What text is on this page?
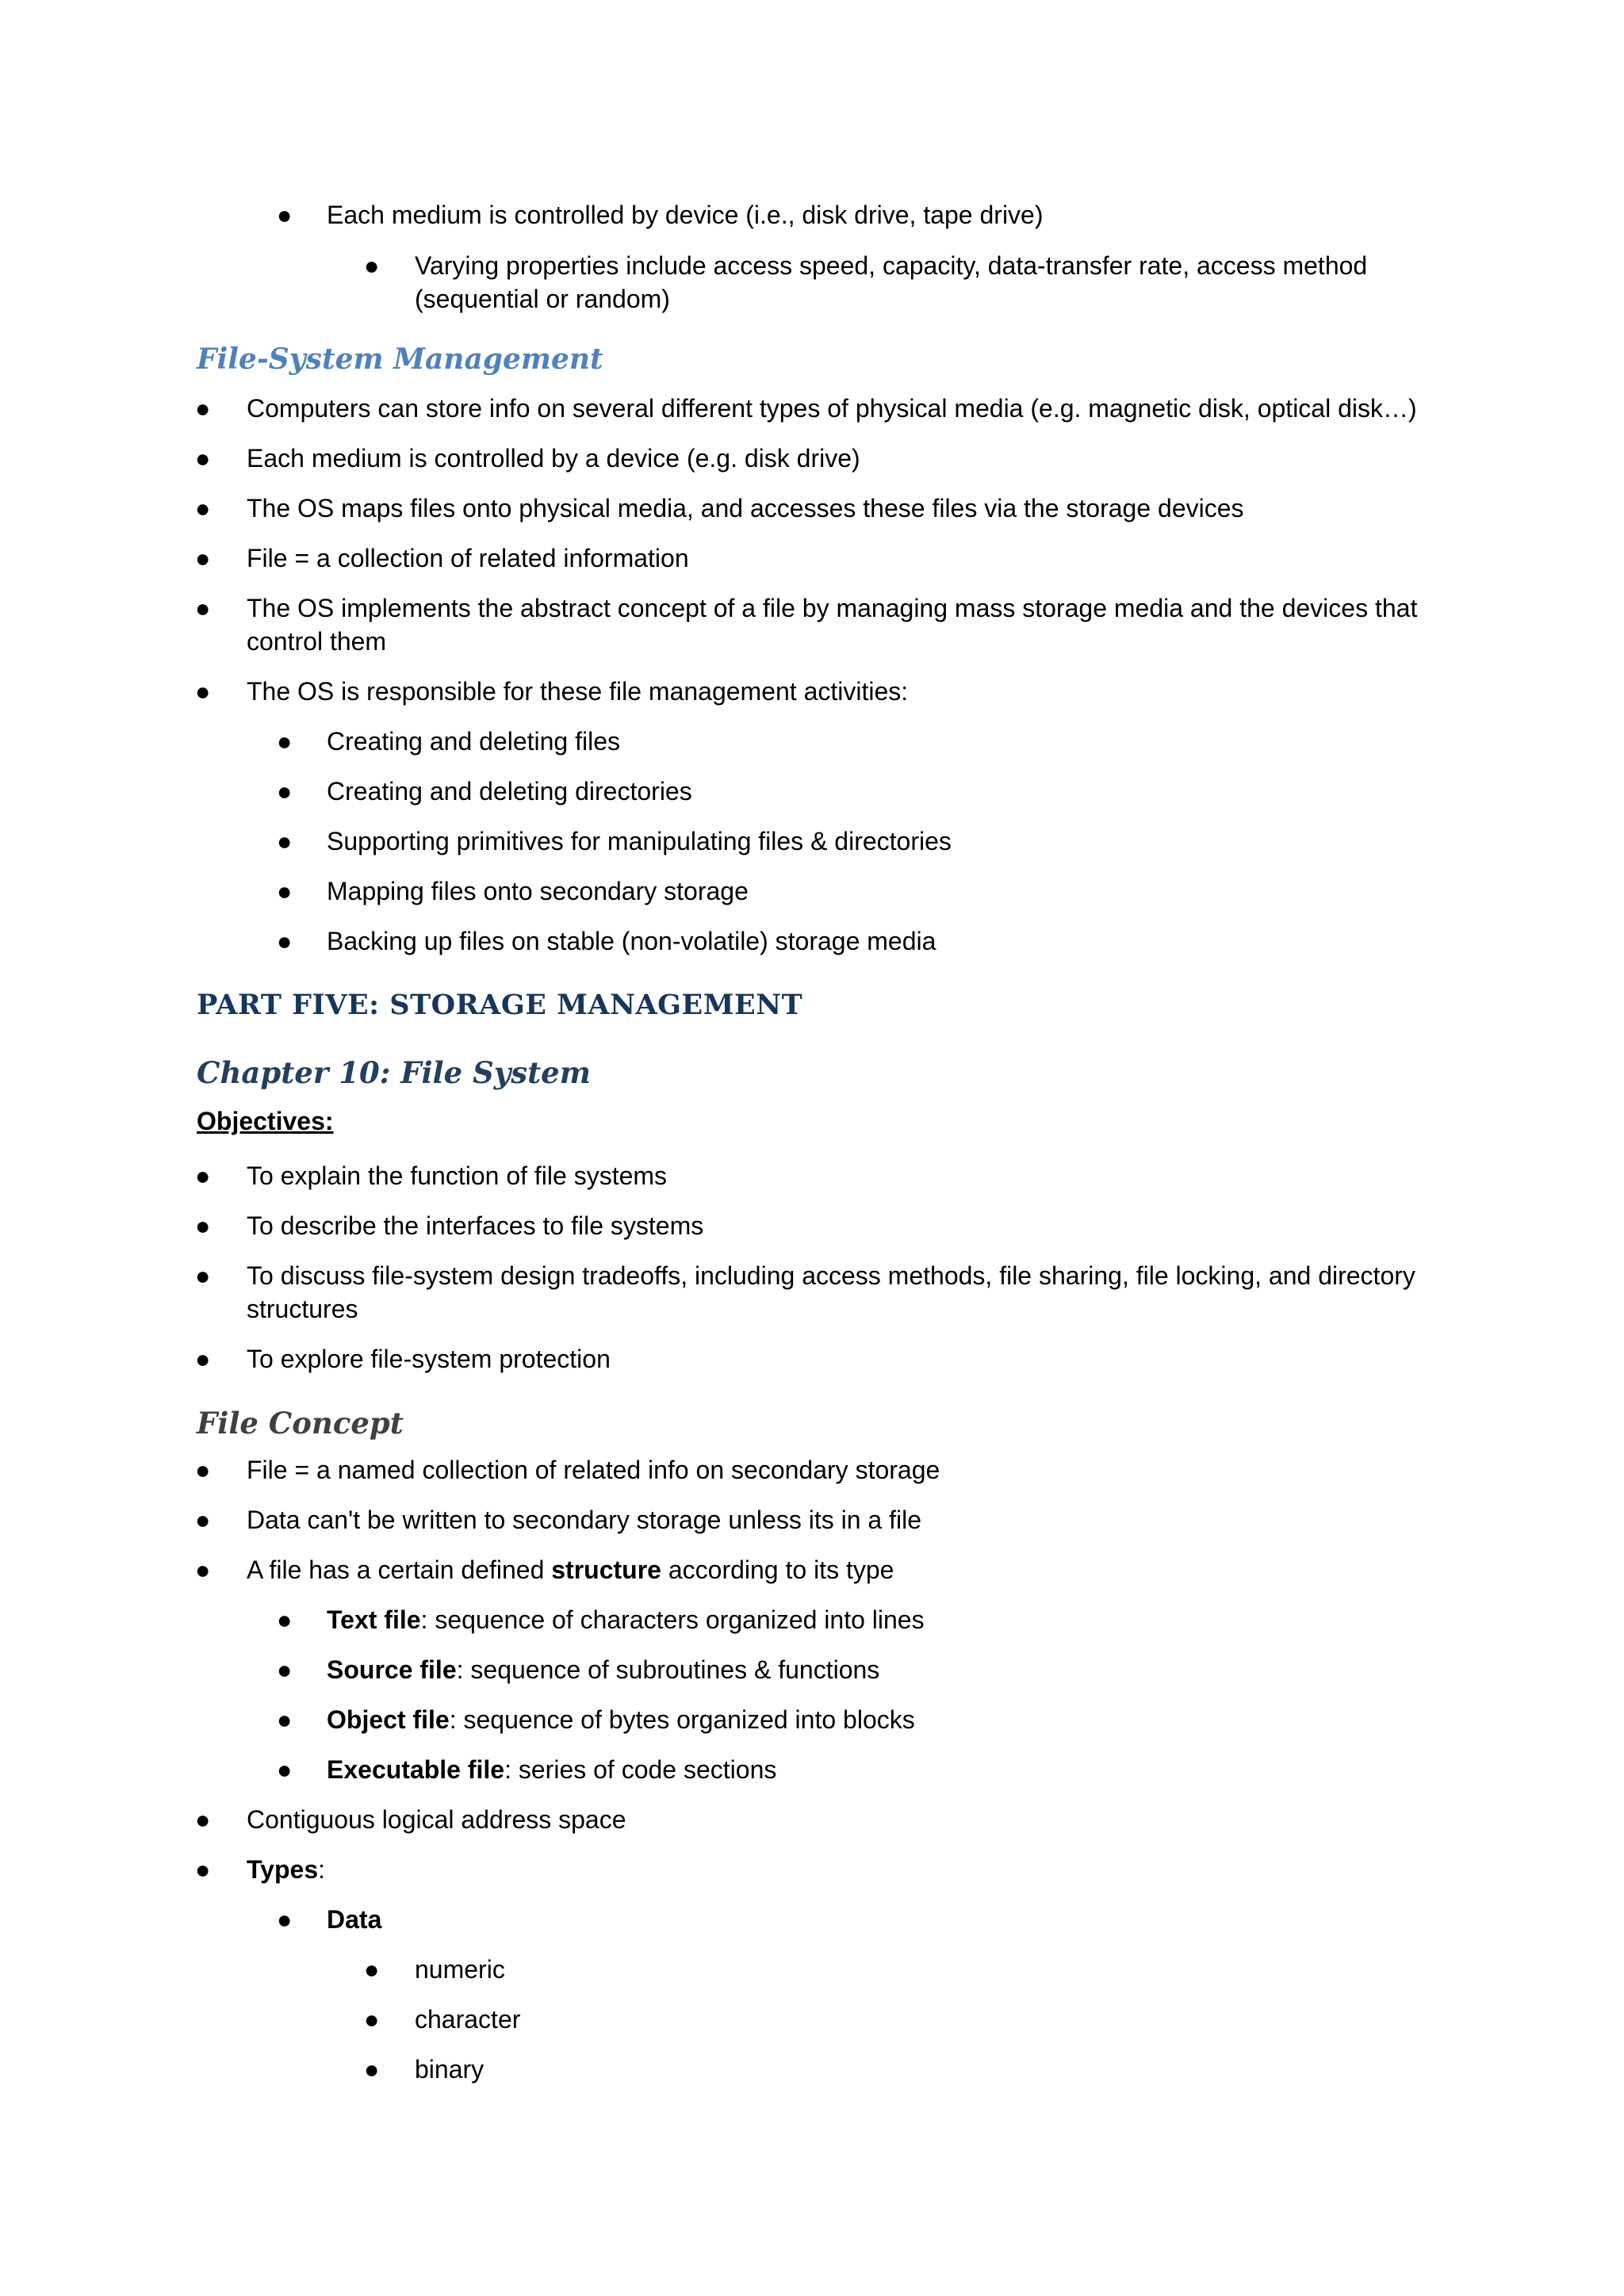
● Each medium is controlled by device (i.e., disk drive, tape drive)

● Varying properties include access speed, capacity, data-transfer rate, access method (sequential or random)

File-System Management

● Computers can store info on several different types of physical media (e.g. magnetic disk, optical disk…)

● Each medium is controlled by a device (e.g. disk drive)

● The OS maps files onto physical media, and accesses these files via the storage devices

● File = a collection of related information

● The OS implements the abstract concept of a file by managing mass storage media and the devices that control them

● The OS is responsible for these file management activities:

● Creating and deleting files

● Creating and deleting directories

● Supporting primitives for manipulating files & directories

● Mapping files onto secondary storage

● Backing up files on stable (non-volatile) storage media

PART FIVE: STORAGE MANAGEMENT
Chapter 10: File System
Objectives:

● To explain the function of file systems

● To describe the interfaces to file systems

● To discuss file-system design tradeoffs, including access methods, file sharing, file locking, and directory structures

● To explore file-system protection

File Concept

● File = a named collection of related info on secondary storage

● Data can't be written to secondary storage unless its in a file

● A file has a certain defined structure according to its type

● Text file: sequence of characters organized into lines

● Source file: sequence of subroutines & functions

● Object file: sequence of bytes organized into blocks

● Executable file: series of code sections

● Contiguous logical address space

● Types:

● Data

● numeric

● character

● binary
